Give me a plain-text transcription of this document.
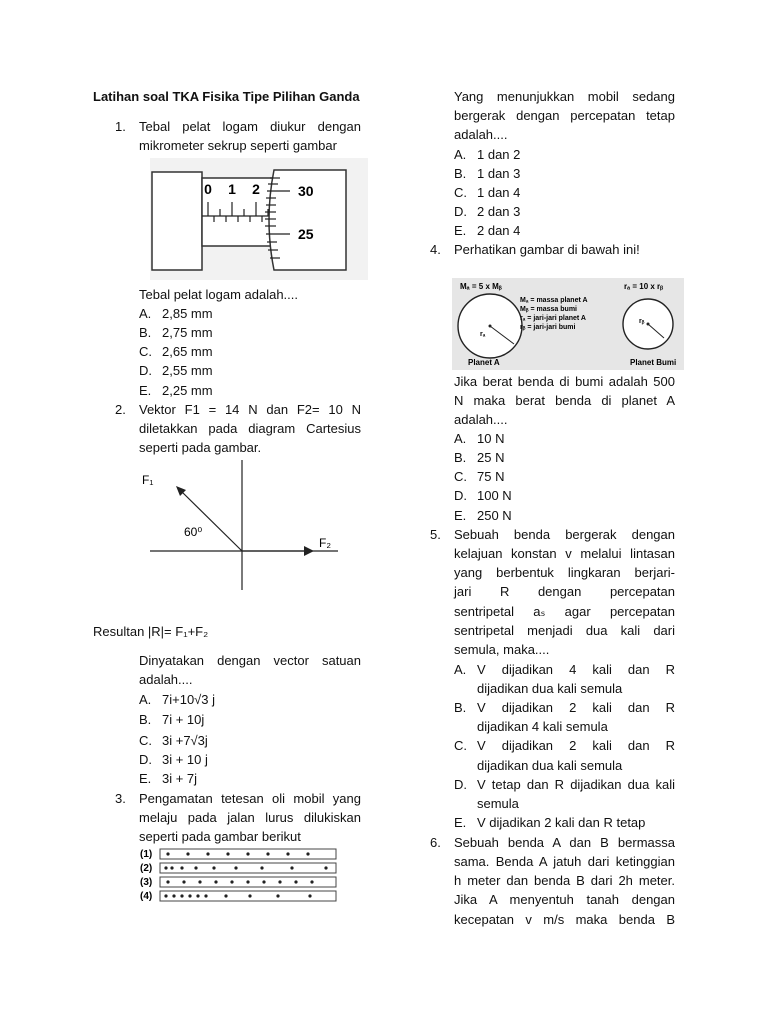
Latihan soal TKA Fisika Tipe Pilihan Ganda
1. Tebal pelat logam diukur dengan
mikrometer sekrup seperti gambar
0 1 2	30
25
Tebal pelat logam adalah....
A. 2,85 mm
B. 2,75 mm
C. 2,65 mm
D. 2,55 mm
E. 2,25 mm
2. Vektor F1 = 14 N dan F2= 10 N
diletakkan pada diagram Cartesius
seperti pada gambar.
F₁
F₂
60⁰
Resultan |R|= F₁+F₂
Dinyatakan dengan vector satuan
adalah....
A. 7i+10√3 j
B. 7i + 10j
C. 3i +7√3j
D. 3i + 10 j
E. 3i + 7j
3. Pengamatan tetesan oli mobil yang
melaju pada jalan lurus dilukiskan
seperti pada gambar berikut
(1)
(2)
(3)
(4)
Yang menunjukkan mobil sedang
bergerak dengan percepatan tetap
adalah....
A. 1 dan 2
B. 1 dan 3
C. 1 dan 4
D. 2 dan 3
E. 2 dan 4
4. Perhatikan gambar di bawah ini!
Mₐ = 5 x Mᵦ	rₐ = 10 x rᵦ
rₐ
Mₐ = massa planet A
Mᵦ = massa bumi
rₐ = jari-jari planet A
rᵦ = jari-jari bumi
rᵦ
Planet A	Planet Bumi
Jika berat benda di bumi adalah 500
N maka berat benda di planet A
adalah....
A. 10 N
B. 25 N
C. 75 N
D. 100 N
E. 250 N
5. Sebuah benda bergerak dengan
kelajuan konstan v melalui lintasan
yang berbentuk lingkaran berjari-
jari R dengan percepatan
sentripetal aₛ agar percepatan
sentripetal menjadi dua kali dari
semula, maka....
A. V dijadikan 4 kali dan R
dijadikan dua kali semula
B. V dijadikan 2 kali dan R
dijadikan 4 kali semula
C. V dijadikan 2 kali dan R
dijadikan dua kali semula
D. V tetap dan R dijadikan dua kali
semula
E. V dijadikan 2 kali dan R tetap
6. Sebuah benda A dan B bermassa
sama. Benda A jatuh dari ketinggian
h meter dan benda B dari 2h meter.
Jika A menyentuh tanah dengan
kecepatan v m/s maka benda B
